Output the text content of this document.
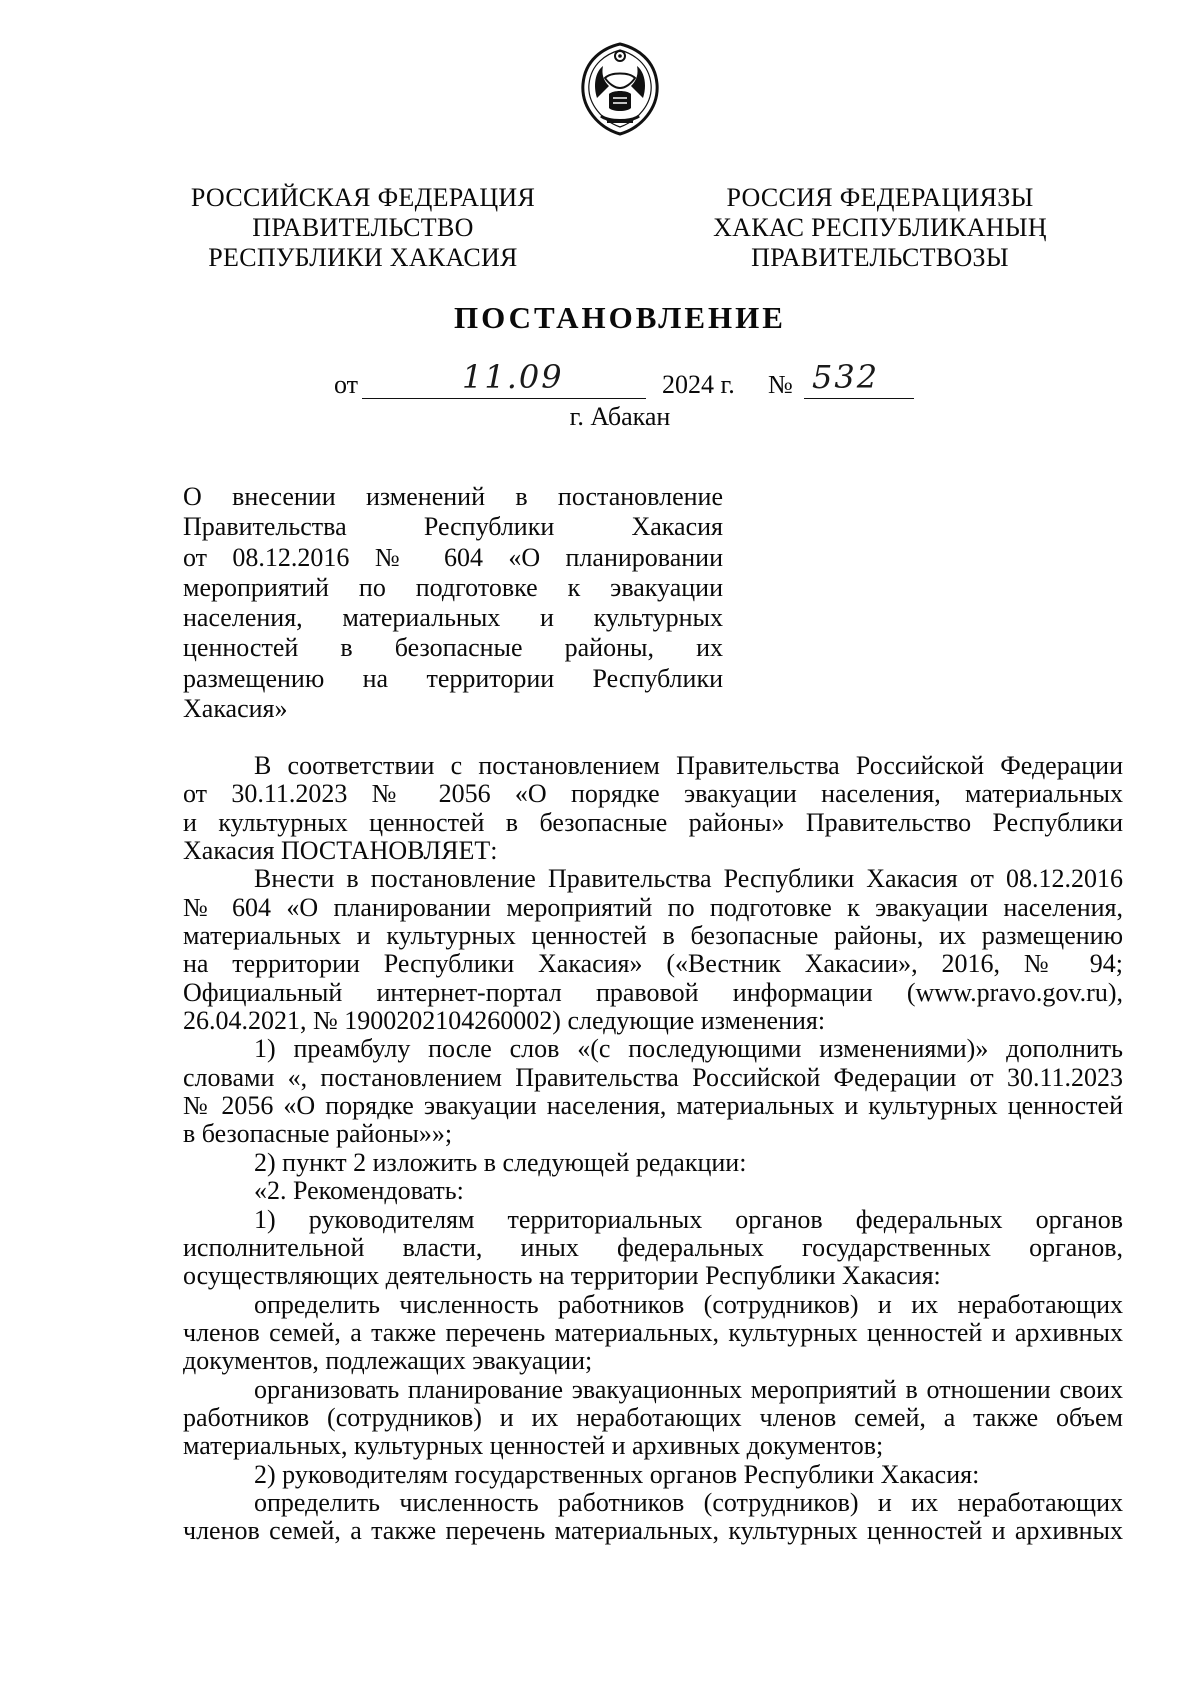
РОССИЙСКАЯ ФЕДЕРАЦИЯ
ПРАВИТЕЛЬСТВО
РЕСПУБЛИКИ ХАКАСИЯ
РОССИЯ ФЕДЕРАЦИЯЗЫ
ХАКАС РЕСПУБЛИКАНЫҢ
ПРАВИТЕЛЬСТВОЗЫ
ПОСТАНОВЛЕНИЕ
от	11.09	2024 г. № 532
г. Абакан
О внесении изменений в постановление
Правительства Республики Хакасия
от 08.12.2016 № 604 «О планировании
мероприятий по подготовке к эвакуации
населения, материальных и культурных
ценностей в безопасные районы, их
размещению на территории Республики
Хакасия»
В соответствии с постановлением Правительства Российской Федерации
от 30.11.2023 № 2056 «О порядке эвакуации населения, материальных
и культурных ценностей в безопасные районы» Правительство Республики
Хакасия ПОСТАНОВЛЯЕТ:
Внести в постановление Правительства Республики Хакасия от 08.12.2016
№ 604 «О планировании мероприятий по подготовке к эвакуации населения,
материальных и культурных ценностей в безопасные районы, их размещению
на территории Республики Хакасия» («Вестник Хакасии», 2016, № 94;
Официальный интернет-портал правовой информации (www.pravo.gov.ru),
26.04.2021, № 1900202104260002) следующие изменения:
1) преамбулу после слов «(с последующими изменениями)» дополнить
словами «, постановлением Правительства Российской Федерации от 30.11.2023
№ 2056 «О порядке эвакуации населения, материальных и культурных ценностей
в безопасные районы»»;
2) пункт 2 изложить в следующей редакции:
«2. Рекомендовать:
1) руководителям территориальных органов федеральных органов
исполнительной власти, иных федеральных государственных органов,
осуществляющих деятельность на территории Республики Хакасия:
определить численность работников (сотрудников) и их неработающих
членов семей, а также перечень материальных, культурных ценностей и архивных
документов, подлежащих эвакуации;
организовать планирование эвакуационных мероприятий в отношении своих
работников (сотрудников) и их неработающих членов семей, а также объем
материальных, культурных ценностей и архивных документов;
2) руководителям государственных органов Республики Хакасия:
определить численность работников (сотрудников) и их неработающих
членов семей, а также перечень материальных, культурных ценностей и архивных
